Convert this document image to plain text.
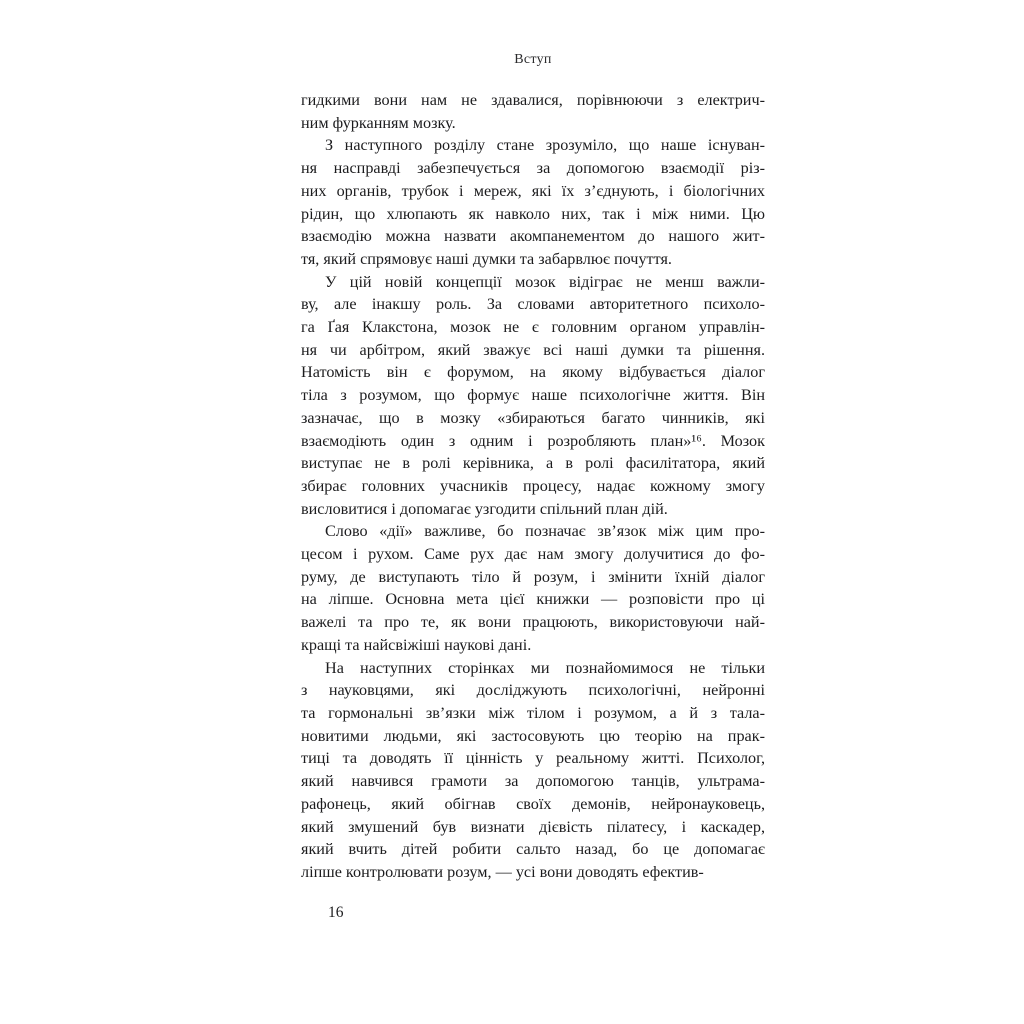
Вступ
гидкими вони нам не здавалися, порівнюючи з електрич-
ним фурканням мозку.
З наступного розділу стане зрозуміло, що наше існуван-
ня насправді забезпечується за допомогою взаємодії різ-
них органів, трубок і мереж, які їх з’єднують, і біологічних
рідин, що хлюпають як навколо них, так і між ними. Цю
взаємодію можна назвати акомпанементом до нашого жит-
тя, який спрямовує наші думки та забарвлює почуття.
У цій новій концепції мозок відіграє не менш важли-
ву, але інакшу роль. За словами авторитетного психоло-
га Ґая Клакстона, мозок не є головним органом управлін-
ня чи арбітром, який зважує всі наші думки та рішення.
Натомість він є форумом, на якому відбувається діалог
тіла з розумом, що формує наше психологічне життя. Він
зазначає, що в мозку «збираються багато чинників, які
взаємодіють один з одним і розробляють план»¹⁶. Мозок
виступає не в ролі керівника, а в ролі фасилітатора, який
збирає головних учасників процесу, надає кожному змогу
висловитися і допомагає узгодити спільний план дій.
Слово «дії» важливе, бо позначає зв’язок між цим про-
цесом і рухом. Саме рух дає нам змогу долучитися до фо-
руму, де виступають тіло й розум, і змінити їхній діалог
на ліпше. Основна мета цієї книжки — розповісти про ці
важелі та про те, як вони працюють, використовуючи най-
кращі та найсвіжіші наукові дані.
На наступних сторінках ми познайомимося не тільки
з науковцями, які досліджують психологічні, нейронні
та гормональні зв’язки між тілом і розумом, а й з тала-
новитими людьми, які застосовують цю теорію на прак-
тиці та доводять її цінність у реальному житті. Психолог,
який навчився грамоти за допомогою танців, ультрама-
рафонець, який обігнав своїх демонів, нейронауковець,
який змушений був визнати дієвість пілатесу, і каскадер,
який вчить дітей робити сальто назад, бо це допомагає
ліпше контролювати розум, — усі вони доводять ефектив-
16
